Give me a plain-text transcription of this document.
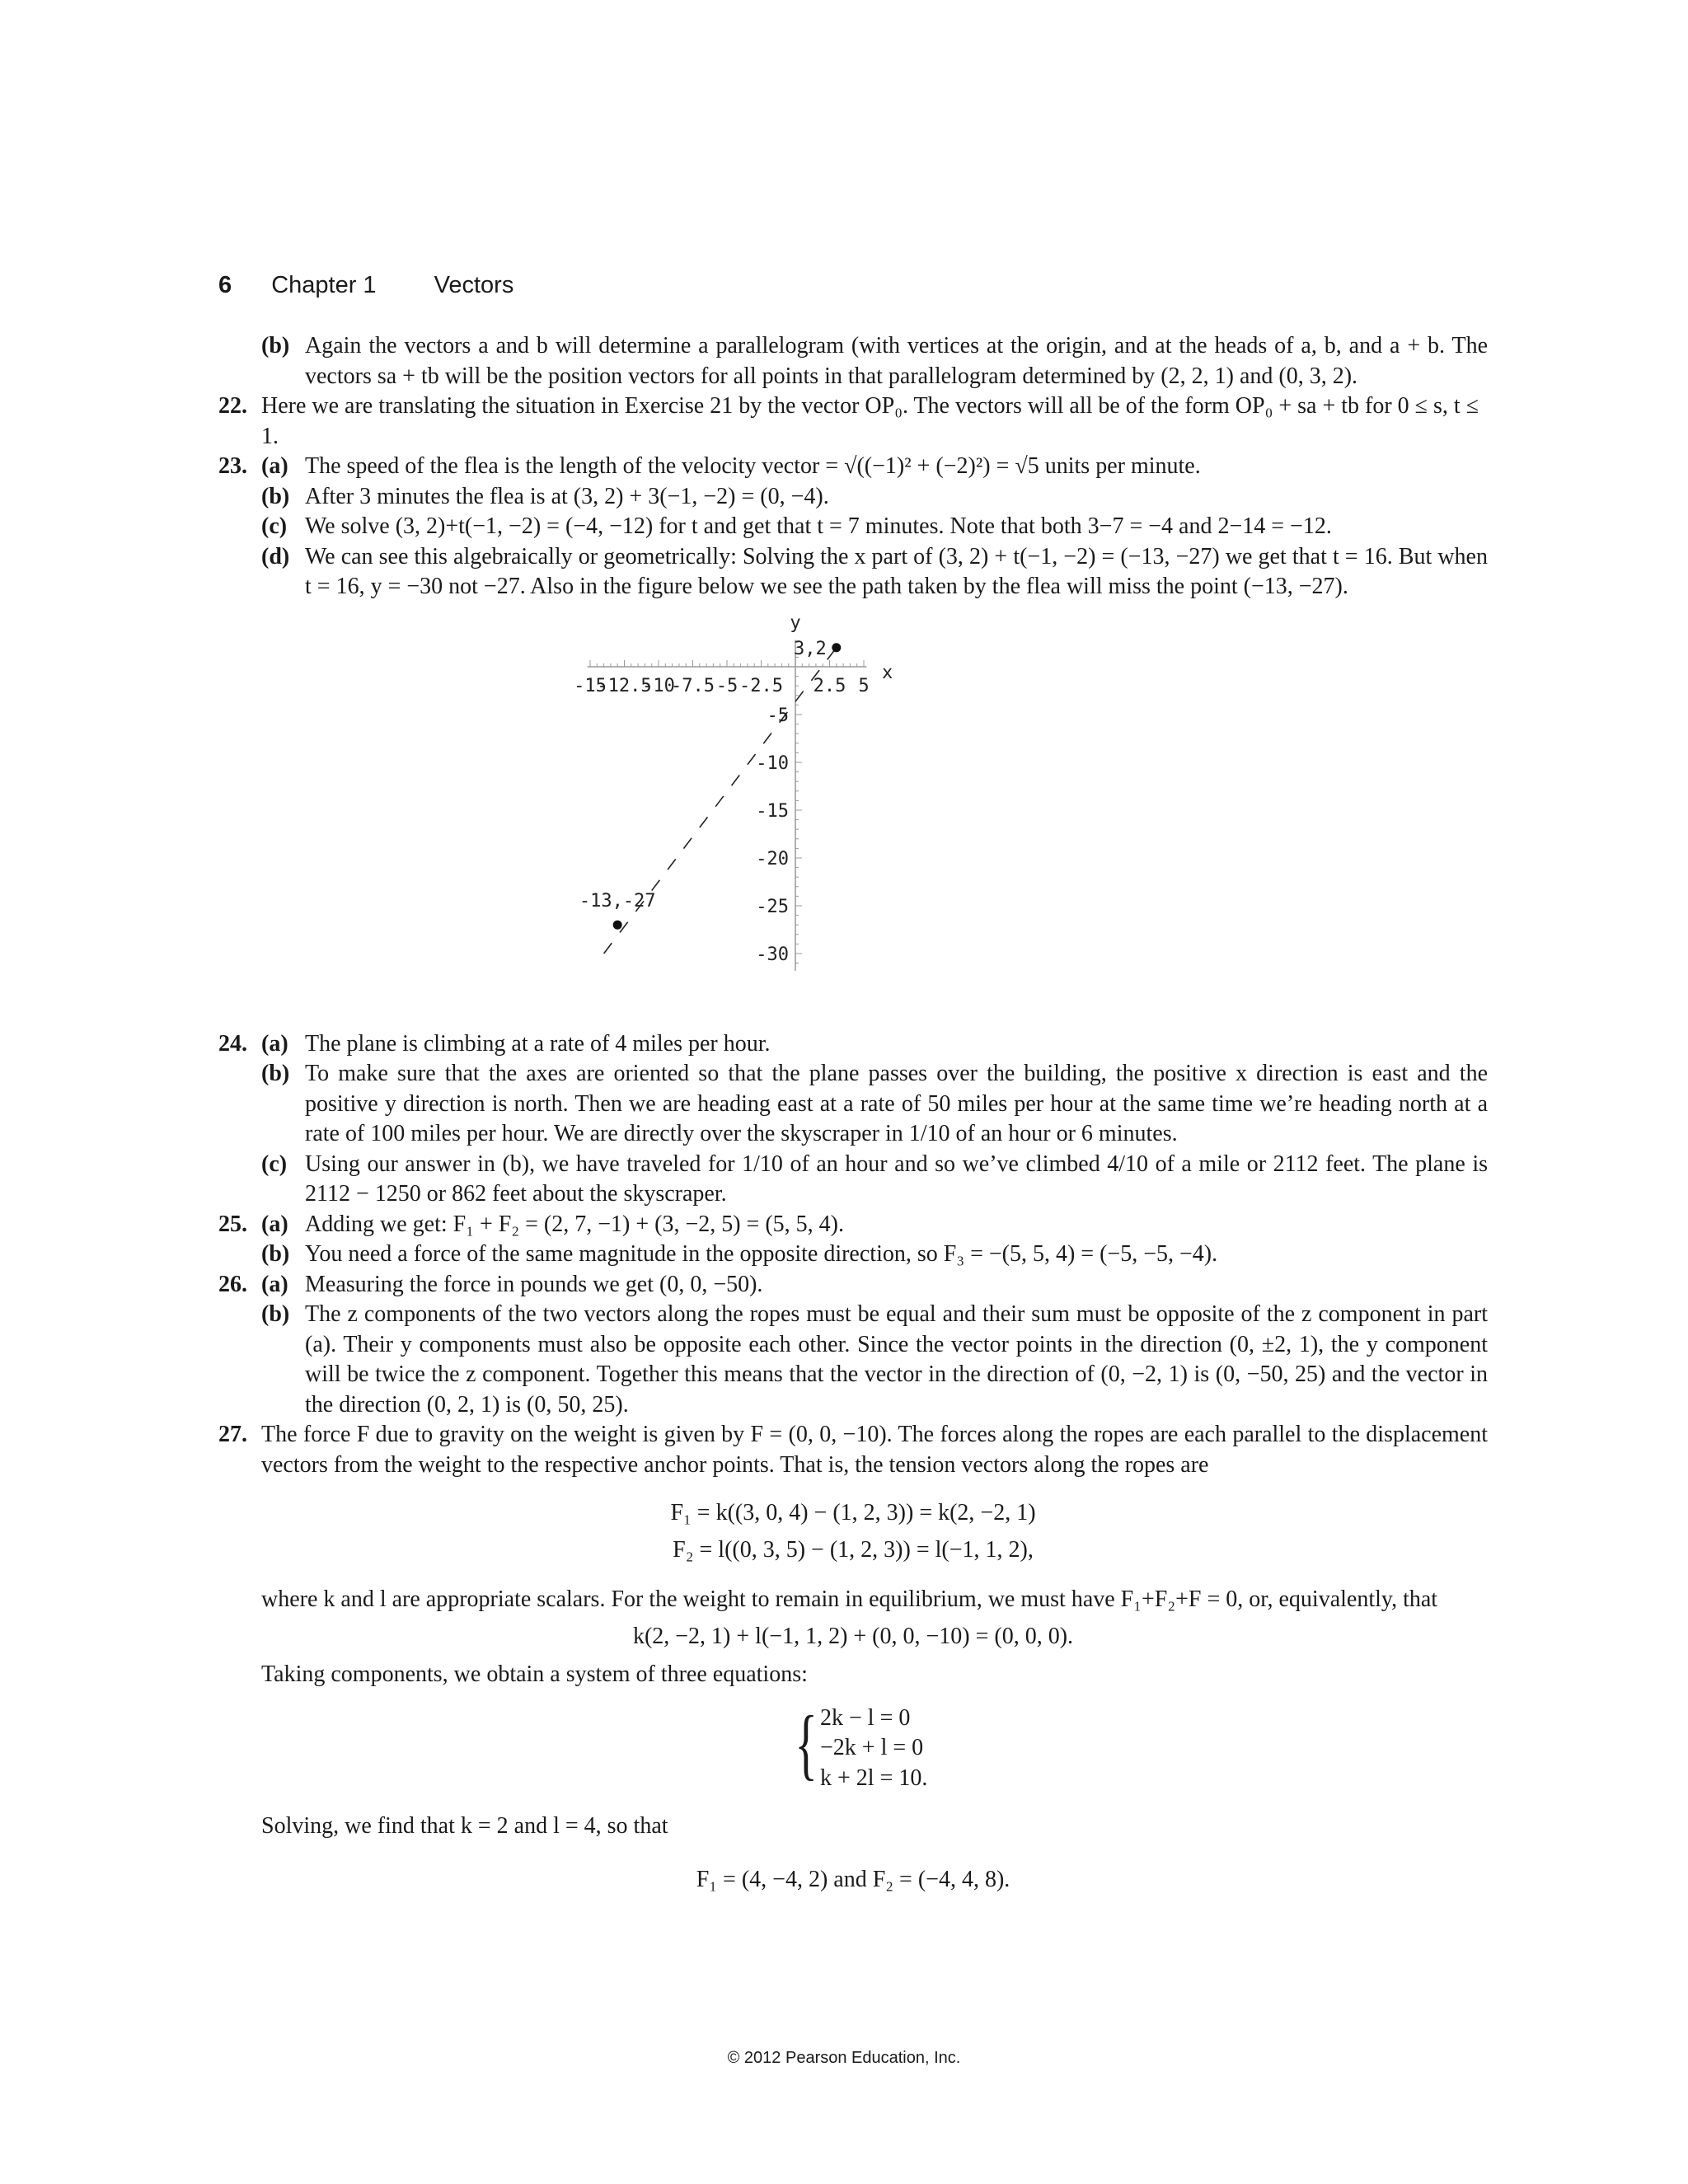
6 Chapter 1 Vectors
(b) Again the vectors a and b will determine a parallelogram (with vertices at the origin, and at the heads of a, b, and a + b. The vectors sa + tb will be the position vectors for all points in that parallelogram determined by (2, 2, 1) and (0, 3, 2).
22. Here we are translating the situation in Exercise 21 by the vector OP₀. The vectors will all be of the form OP₀ + sa + tb for 0 ≤ s, t ≤ 1.
23. (a) The speed of the flea is the length of the velocity vector = √((−1)² + (−2)²) = √5 units per minute.
(b) After 3 minutes the flea is at (3, 2) + 3(−1, −2) = (0, −4).
(c) We solve (3, 2)+t(−1, −2) = (−4, −12) for t and get that t = 7 minutes. Note that both 3−7 = −4 and 2−14 = −12.
(d) We can see this algebraically or geometrically: Solving the x part of (3, 2) + t(−1, −2) = (−13, −27) we get that t = 16. But when t = 16, y = −30 not −27. Also in the figure below we see the path taken by the flea will miss the point (−13, −27).
-15
-12.5
-10
-7.5 -5 -2.5 2.5 5
-5
-10
-15
-20
-25
-30
x
y
3,2
-13,-27
24. (a) The plane is climbing at a rate of 4 miles per hour.
(b) To make sure that the axes are oriented so that the plane passes over the building, the positive x direction is east and the positive y direction is north. Then we are heading east at a rate of 50 miles per hour at the same time we’re heading north at a rate of 100 miles per hour. We are directly over the skyscraper in 1/10 of an hour or 6 minutes.
(c) Using our answer in (b), we have traveled for 1/10 of an hour and so we’ve climbed 4/10 of a mile or 2112 feet. The plane is 2112 − 1250 or 862 feet about the skyscraper.
25. (a) Adding we get: F₁ + F₂ = (2, 7, −1) + (3, −2, 5) = (5, 5, 4).
(b) You need a force of the same magnitude in the opposite direction, so F₃ = −(5, 5, 4) = (−5, −5, −4).
26. (a) Measuring the force in pounds we get (0, 0, −50).
(b) The z components of the two vectors along the ropes must be equal and their sum must be opposite of the z component in part (a). Their y components must also be opposite each other. Since the vector points in the direction (0, ±2, 1), the y component will be twice the z component. Together this means that the vector in the direction of (0, −2, 1) is (0, −50, 25) and the vector in the direction (0, 2, 1) is (0, 50, 25).
27. The force F due to gravity on the weight is given by F = (0, 0, −10). The forces along the ropes are each parallel to the displacement vectors from the weight to the respective anchor points. That is, the tension vectors along the ropes are
F₁ = k((3, 0, 4) − (1, 2, 3)) = k(2, −2, 1)
F₂ = l((0, 3, 5) − (1, 2, 3)) = l(−1, 1, 2),
where k and l are appropriate scalars. For the weight to remain in equilibrium, we must have F₁+F₂+F = 0, or, equivalently, that
k(2, −2, 1) + l(−1, 1, 2) + (0, 0, −10) = (0, 0, 0).
Taking components, we obtain a system of three equations:
{ 2k − l = 0
−2k + l = 0
k + 2l = 10.
Solving, we find that k = 2 and l = 4, so that
F₁ = (4, −4, 2) and F₂ = (−4, 4, 8).
© 2012 Pearson Education, Inc.
